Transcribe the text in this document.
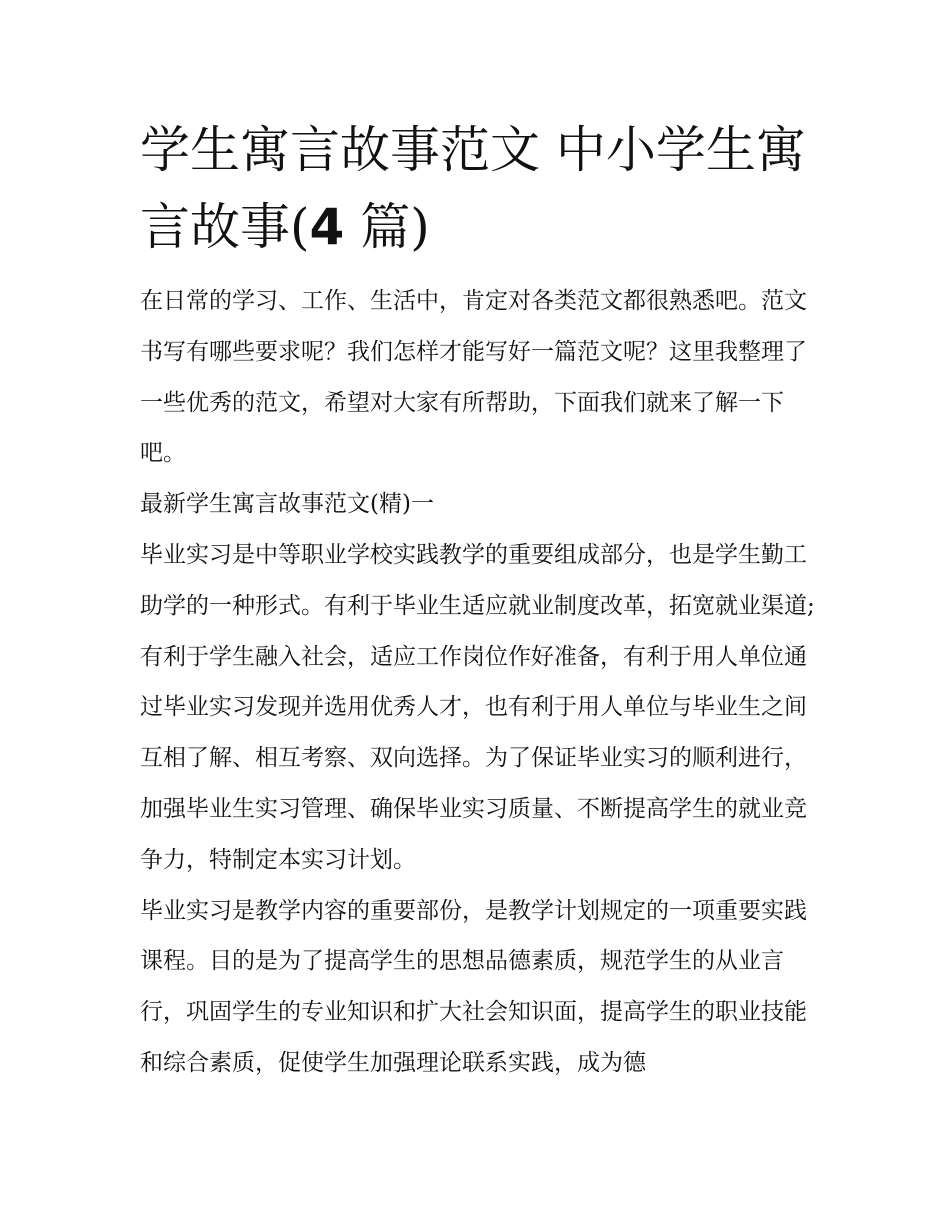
学生寓言故事范文 中小学生寓言故事(4 篇)

在日常的学习、工作、生活中，肯定对各类范文都很熟悉吧。范文书写有哪些要求呢？我们怎样才能写好一篇范文呢？这里我整理了一些优秀的范文，希望对大家有所帮助，下面我们就来了解一下吧。

最新学生寓言故事范文(精)一

毕业实习是中等职业学校实践教学的重要组成部分，也是学生勤工助学的一种形式。有利于毕业生适应就业制度改革，拓宽就业渠道;有利于学生融入社会，适应工作岗位作好准备，有利于用人单位通过毕业实习发现并选用优秀人才，也有利于用人单位与毕业生之间互相了解、相互考察、双向选择。为了保证毕业实习的顺利进行，加强毕业生实习管理、确保毕业实习质量、不断提高学生的就业竞争力，特制定本实习计划。

毕业实习是教学内容的重要部份，是教学计划规定的一项重要实践课程。目的是为了提高学生的思想品德素质，规范学生的从业言行，巩固学生的专业知识和扩大社会知识面，提高学生的职业技能和综合素质，促使学生加强理论联系实践，成为德
